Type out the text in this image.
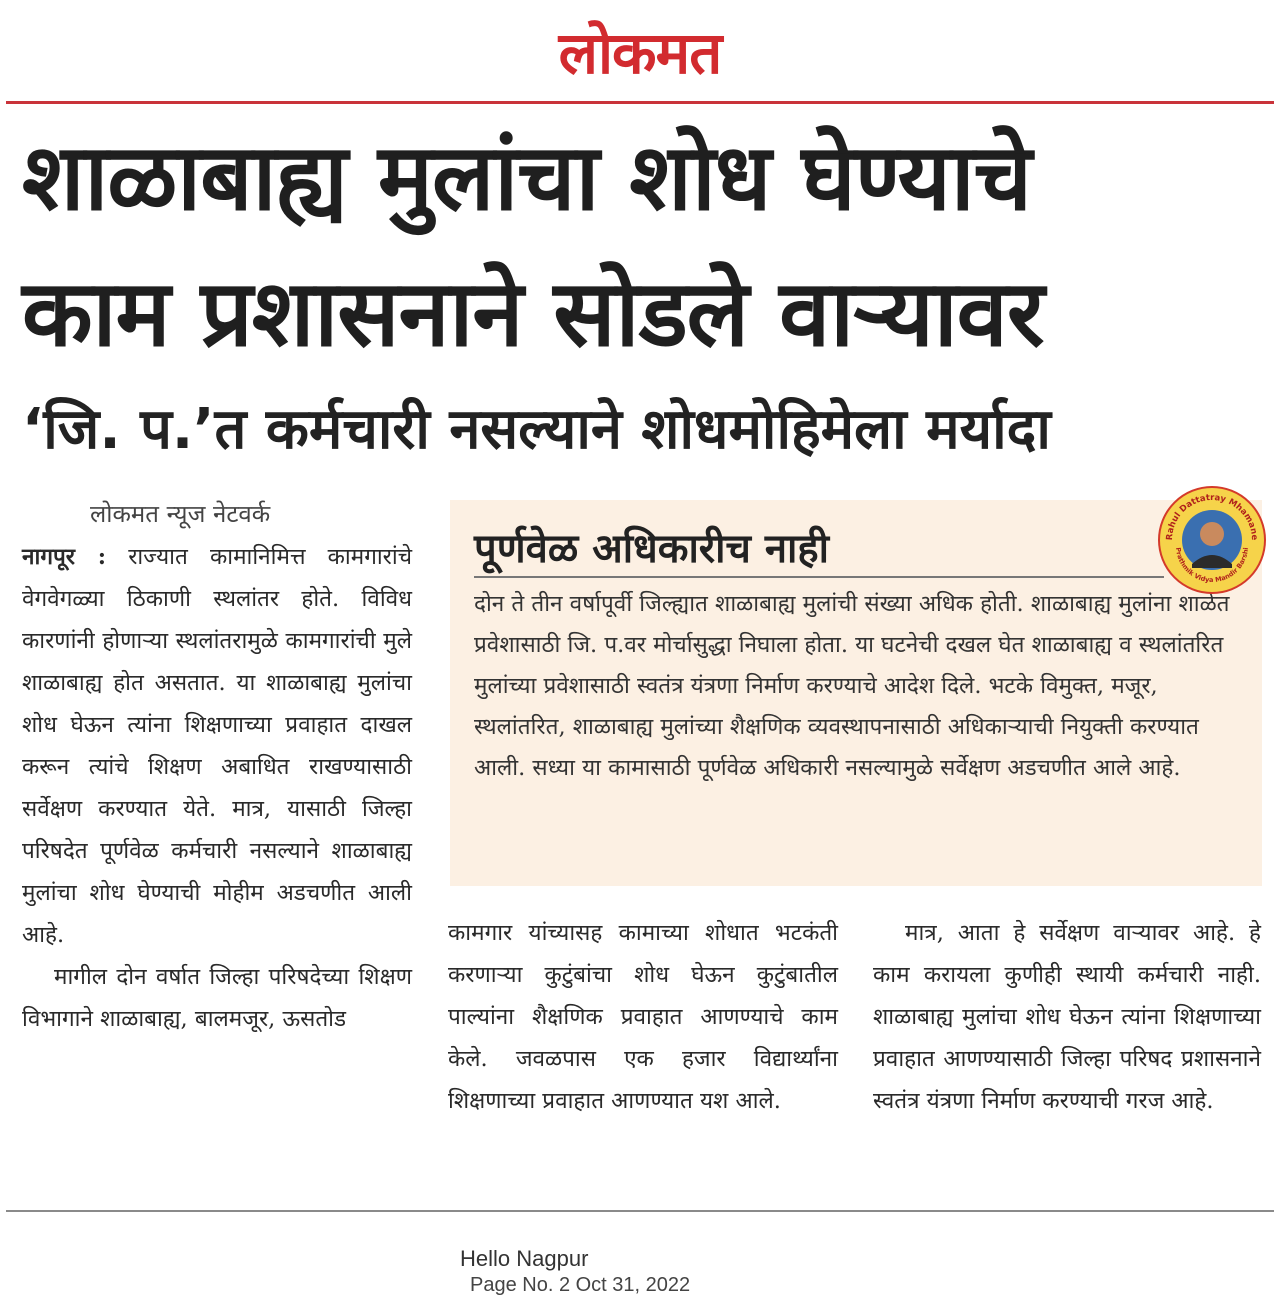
लोकमत
शाळाबाह्य मुलांचा शोध घेण्याचे
काम प्रशासनाने सोडले वाऱ्यावर
‘जि. प.’त कर्मचारी नसल्याने शोधमोहिमेला मर्यादा
लोकमत न्यूज नेटवर्क

नागपूर : राज्यात कामानिमित्त कामगारांचे वेगवेगळ्या ठिकाणी स्थलांतर होते. विविध कारणांनी होणाऱ्या स्थलांतरामुळे कामगारांची मुले शाळाबाह्य होत असतात. या शाळाबाह्य मुलांचा शोध घेऊन त्यांना शिक्षणाच्या प्रवाहात दाखल करून त्यांचे शिक्षण अबाधित राखण्यासाठी सर्वेक्षण करण्यात येते. मात्र, यासाठी जिल्हा परिषदेत पूर्णवेळ कर्मचारी नसल्याने शाळाबाह्य मुलांचा शोध घेण्याची मोहीम अडचणीत आली आहे.

मागील दोन वर्षात जिल्हा परिषदेच्या शिक्षण विभागाने शाळाबाह्य, बालमजूर, ऊसतोड

पूर्णवेळ अधिकारीच नाही
दोन ते तीन वर्षापूर्वी जिल्ह्यात शाळाबाह्य मुलांची संख्या अधिक होती. शाळाबाह्य मुलांना शाळेत प्रवेशासाठी जि. प.वर मोर्चासुद्धा निघाला होता. या घटनेची दखल घेत शाळाबाह्य व स्थलांतरित मुलांच्या प्रवेशासाठी स्वतंत्र यंत्रणा निर्माण करण्याचे आदेश दिले. भटके विमुक्त, मजूर, स्थलांतरित, शाळाबाह्य मुलांच्या शैक्षणिक व्यवस्थापनासाठी अधिकाऱ्याची नियुक्ती करण्यात आली. सध्या या कामासाठी पूर्णवेळ अधिकारी नसल्यामुळे सर्वेक्षण अडचणीत आले आहे.

कामगार यांच्यासह कामाच्या शोधात भटकंती करणाऱ्या कुटुंबांचा शोध घेऊन कुटुंबातील पाल्यांना शैक्षणिक प्रवाहात आणण्याचे काम केले. जवळपास एक हजार विद्यार्थ्यांना शिक्षणाच्या प्रवाहात आणण्यात यश आले.

मात्र, आता हे सर्वेक्षण वाऱ्यावर आहे. हे काम करायला कुणीही स्थायी कर्मचारी नाही. शाळाबाह्य मुलांचा शोध घेऊन त्यांना शिक्षणाच्या प्रवाहात आणण्यासाठी जिल्हा परिषद प्रशासनाने स्वतंत्र यंत्रणा निर्माण करण्याची गरज आहे.

Rahul Dattatray Mhamane
Prathmik Vidya Mandir Barshi
Hello Nagpur
Page No. 2 Oct 31, 2022
